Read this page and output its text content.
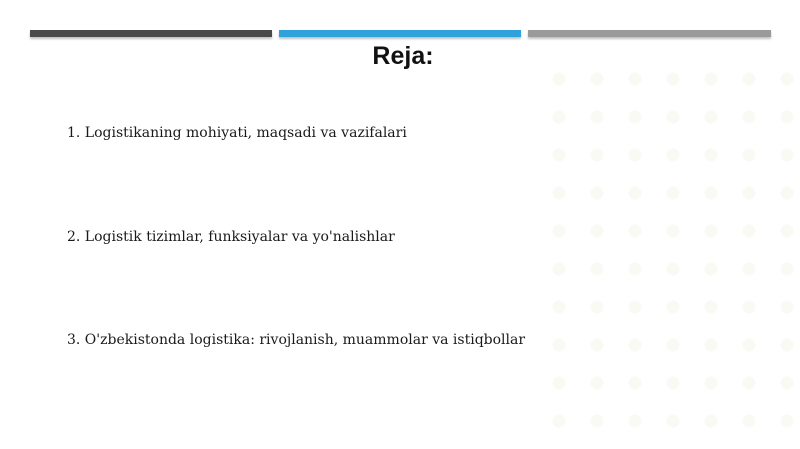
Reja:
1. Logistikaning mohiyati, maqsadi va vazifalari
2. Logistik tizimlar, funksiyalar va yo'nalishlar
3. O'zbekistonda logistika: rivojlanish, muammolar va istiqbollar
